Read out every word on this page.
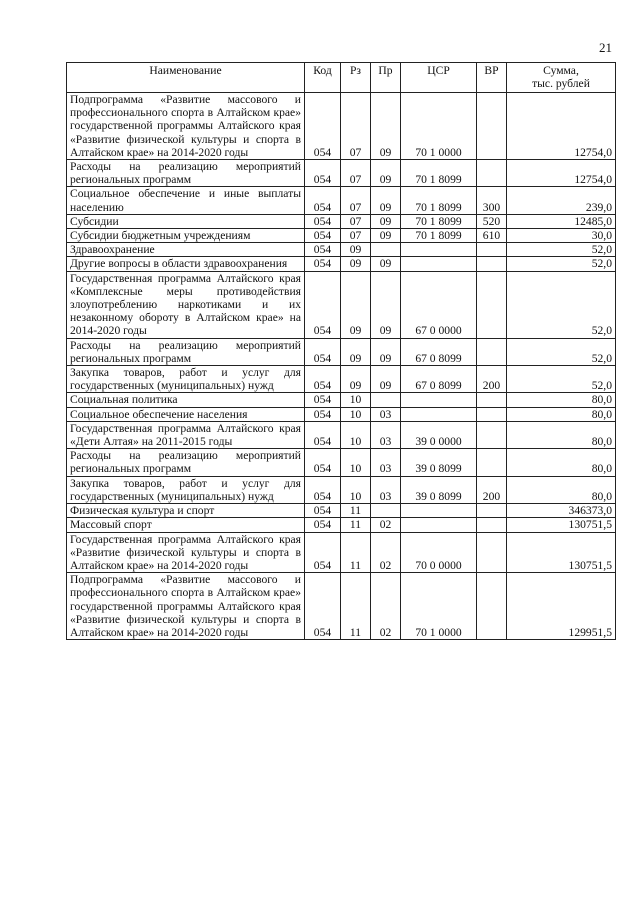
21
Наименование	Код	Рз	Пр	ЦСР	ВР	Сумма,
тыс. рублей

Подпрограмма «Развитие массового и профессионального спорта в Алтайском крае» государственной программы Алтайского края «Развитие физической культуры и спорта в Алтайском крае» на 2014-2020 годы	054	07	09	70 1 0000		12754,0
Расходы на реализацию мероприятий региональных программ	054	07	09	70 1 8099		12754,0
Социальное обеспечение и иные выплаты населению	054	07	09	70 1 8099	300	239,0
Субсидии	054	07	09	70 1 8099	520	12485,0
Субсидии бюджетным учреждениям	054	07	09	70 1 8099	610	30,0
Здравоохранение	054	09				52,0
Другие вопросы в области здравоохранения	054	09	09			52,0
Государственная программа Алтайского края «Комплексные меры противодействия злоупотреблению наркотиками и их незаконному обороту в Алтайском крае» на 2014-2020 годы	054	09	09	67 0 0000		52,0
Расходы на реализацию мероприятий региональных программ	054	09	09	67 0 8099		52,0
Закупка товаров, работ и услуг для государственных (муниципальных) нужд	054	09	09	67 0 8099	200	52,0
Социальная политика	054	10				80,0
Социальное обеспечение населения	054	10	03			80,0
Государственная программа Алтайского края «Дети Алтая» на 2011-2015 годы	054	10	03	39 0 0000		80,0
Расходы на реализацию мероприятий региональных программ	054	10	03	39 0 8099		80,0
Закупка товаров, работ и услуг для государственных (муниципальных) нужд	054	10	03	39 0 8099	200	80,0
Физическая культура и спорт	054	11				346373,0
Массовый спорт	054	11	02			130751,5
Государственная программа Алтайского края «Развитие физической культуры и спорта в Алтайском крае» на 2014-2020 годы	054	11	02	70 0 0000		130751,5
Подпрограмма «Развитие массового и профессионального спорта в Алтайском крае» государственной программы Алтайского края «Развитие физической культуры и спорта в Алтайском крае» на 2014-2020 годы	054	11	02	70 1 0000		129951,5
